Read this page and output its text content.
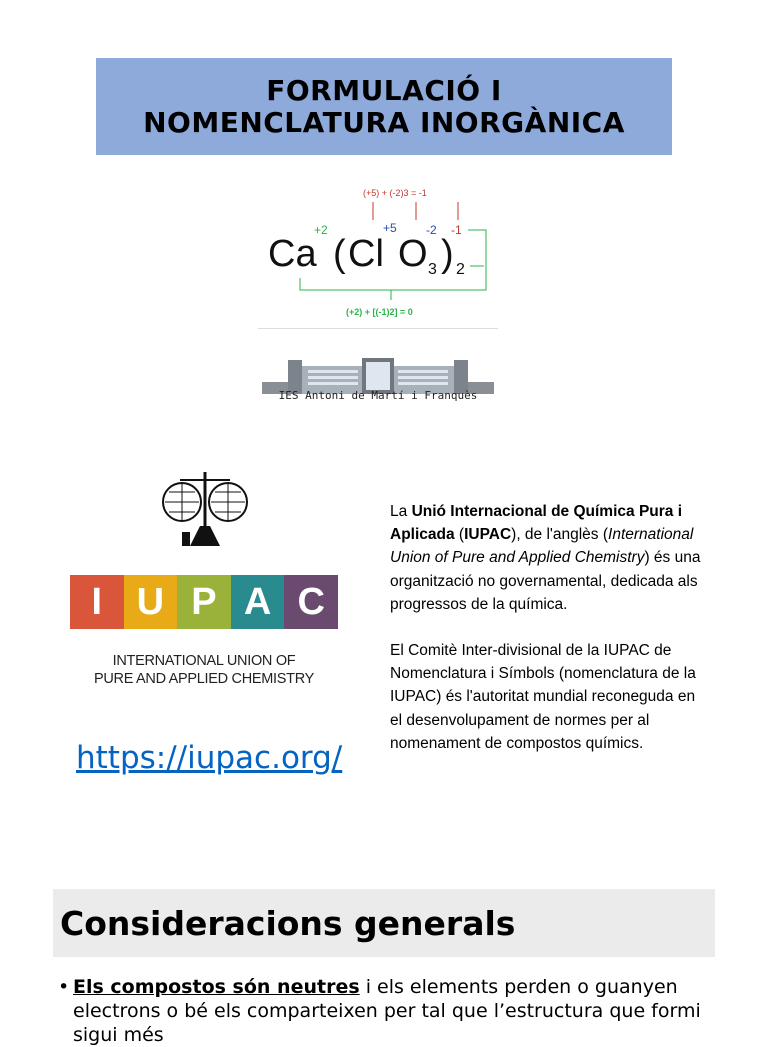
FORMULACIÓ I
NOMENCLATURA INORGÀNICA
(+5) + (-2)3 = -1
+2	+5 -2 -1
Ca ( Cl O 3 ) 2
(+2) + [(-1)2] = 0
IES Antoni de Martí i Franquès
I U P A C
INTERNATIONAL UNION OF
PURE AND APPLIED CHEMISTRY
https://iupac.org/

La Unió Internacional de Química Pura i Aplicada (IUPAC), de l'anglès (International Union of Pure and Applied Chemistry) és una organització no governamental, dedicada als progressos de la química.

El Comitè Inter-divisional de la IUPAC de Nomenclatura i Símbols (nomenclatura de la IUPAC) és l'autoritat mundial reconeguda en el desenvolupament de normes per al nomenament de compostos químics.

Consideracions generals
• Els compostos són neutres i els elements perden o guanyen electrons o bé els comparteixen per tal que l’estructura que formi sigui més
